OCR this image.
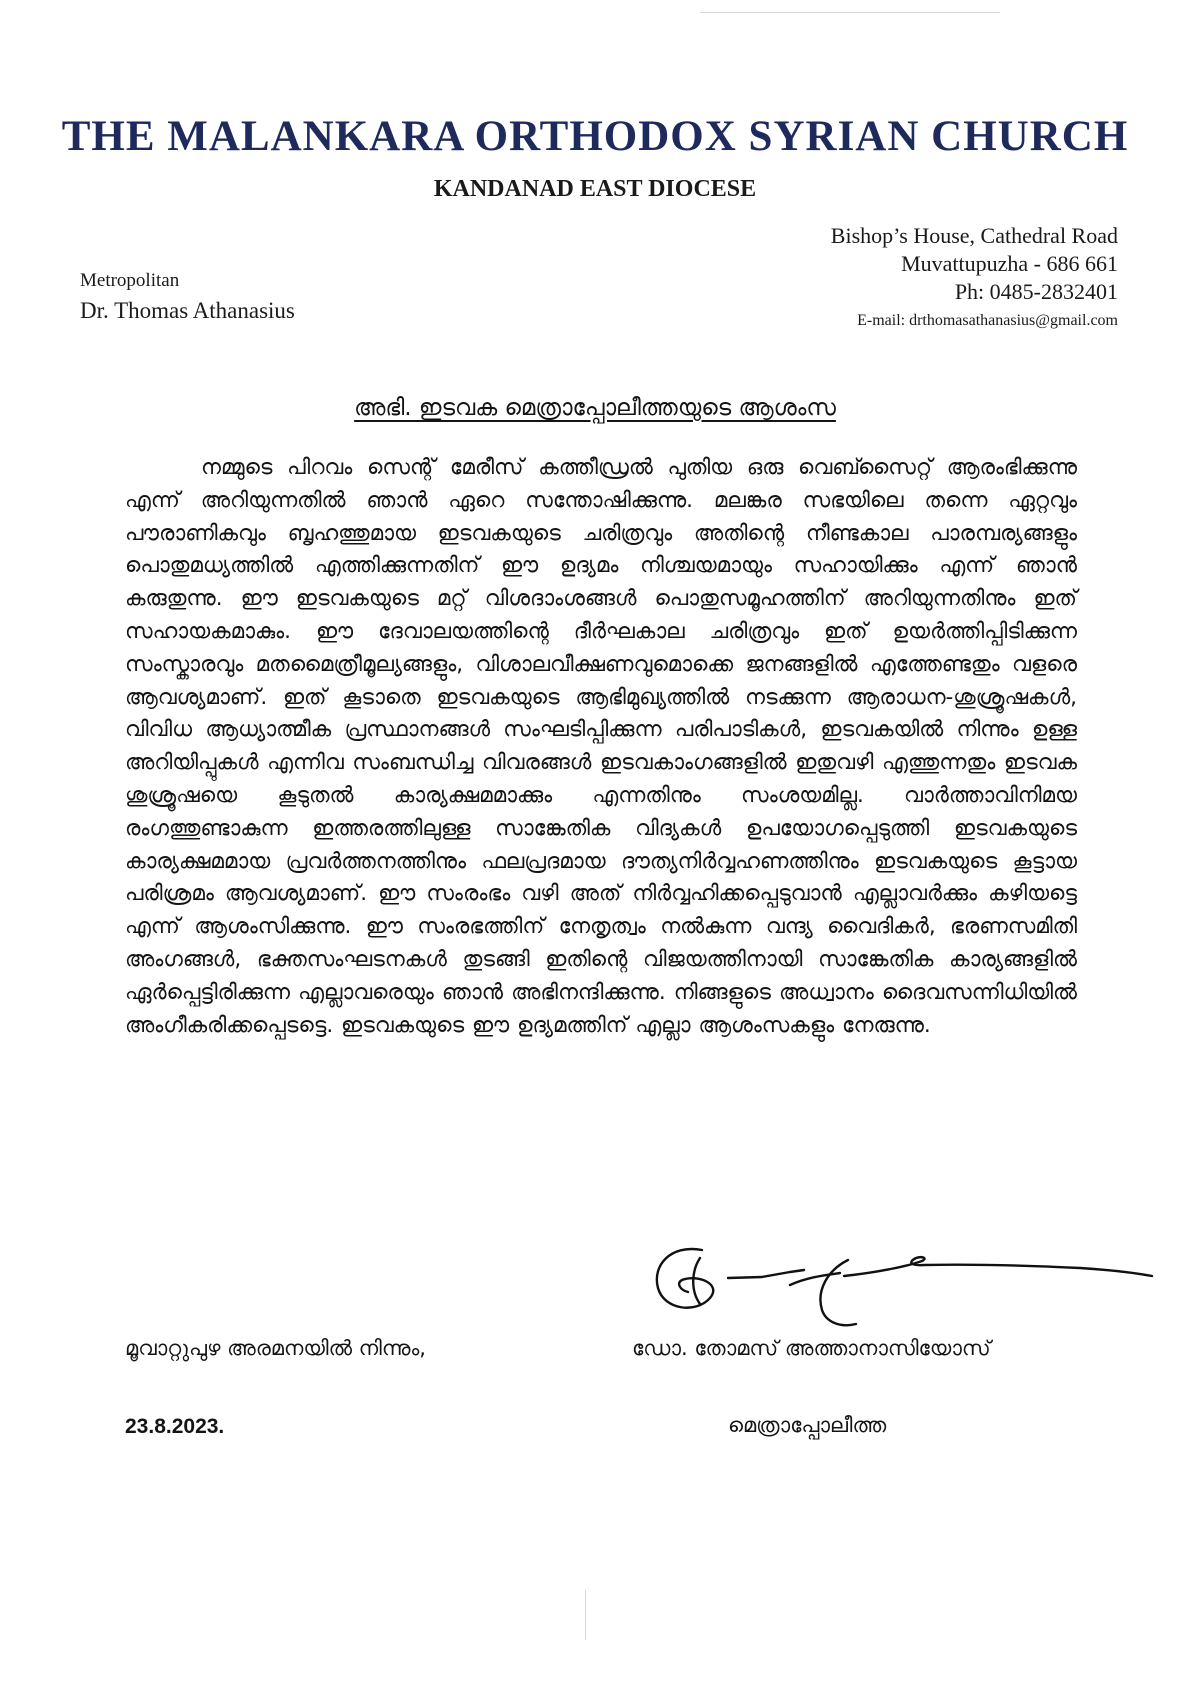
THE MALANKARA ORTHODOX SYRIAN CHURCH
KANDANAD EAST DIOCESE
Metropolitan
Dr. Thomas Athanasius
Bishop’s House, Cathedral Road
Muvattupuzha - 686 661
Ph: 0485-2832401
E-mail: drthomasathanasius@gmail.com
അഭി. ഇടവക മെത്രാപ്പോലീത്തയുടെ ആശംസ

നമ്മുടെ പിറവം സെന്റ് മേരീസ് കത്തീഡ്രൽ പുതിയ ഒരു വെബ്സൈറ്റ് ആരംഭിക്കുന്നു എന്ന് അറിയുന്നതിൽ ഞാൻ ഏറെ സന്തോഷിക്കുന്നു. മലങ്കര സഭയിലെ തന്നെ ഏറ്റവും പൗരാണികവും ബൃഹത്തുമായ ഇടവകയുടെ ചരിത്രവും അതിന്റെ നീണ്ടകാല പാരമ്പര്യങ്ങളും പൊതുമധ്യത്തിൽ എത്തിക്കുന്നതിന് ഈ ഉദ്യമം നിശ്ചയമായും സഹായിക്കും എന്ന് ഞാൻ കരുതുന്നു. ഈ ഇടവകയുടെ മറ്റ് വിശദാംശങ്ങൾ പൊതുസമൂഹത്തിന് അറിയുന്നതിനും ഇത് സഹായകമാകും. ഈ ദേവാലയത്തിന്റെ ദീർഘകാല ചരിത്രവും ഇത് ഉയർത്തിപ്പിടിക്കുന്ന സംസ്കാരവും മതമൈത്രീമൂല്യങ്ങളും, വിശാലവീക്ഷണവുമൊക്കെ ജനങ്ങളിൽ എത്തേണ്ടതും വളരെ ആവശ്യമാണ്. ഇത് കൂടാതെ ഇടവകയുടെ ആഭിമുഖ്യത്തിൽ നടക്കുന്ന ആരാധന-ശുശ്രൂഷകൾ, വിവിധ ആധ്യാത്മീക പ്രസ്ഥാനങ്ങൾ സംഘടിപ്പിക്കുന്ന പരിപാടികൾ, ഇടവകയിൽ നിന്നും ഉള്ള അറിയിപ്പുകൾ എന്നിവ സംബന്ധിച്ച വിവരങ്ങൾ ഇടവകാംഗങ്ങളിൽ ഇതുവഴി എത്തുന്നതും ഇടവക ശുശ്രൂഷയെ കൂടുതൽ കാര്യക്ഷമമാക്കും എന്നതിനും സംശയമില്ല. വാർത്താവിനിമയ രംഗത്തുണ്ടാകുന്ന ഇത്തരത്തിലുള്ള സാങ്കേതിക വിദ്യകൾ ഉപയോഗപ്പെടുത്തി ഇടവകയുടെ കാര്യക്ഷമമായ പ്രവർത്തനത്തിനും ഫലപ്രദമായ ദൗത്യനിർവ്വഹണത്തിനും ഇടവകയുടെ കൂട്ടായ പരിശ്രമം ആവശ്യമാണ്. ഈ സംരംഭം വഴി അത് നിർവ്വഹിക്കപ്പെടുവാൻ എല്ലാവർക്കും കഴിയട്ടെ എന്ന് ആശംസിക്കുന്നു. ഈ സംരഭത്തിന് നേതൃത്വം നൽകുന്ന വന്ദ്യ വൈദികർ, ഭരണസമിതി അംഗങ്ങൾ, ഭക്തസംഘടനകൾ തുടങ്ങി ഇതിന്റെ വിജയത്തിനായി സാങ്കേതിക കാര്യങ്ങളിൽ ഏർപ്പെട്ടിരിക്കുന്ന എല്ലാവരെയും ഞാൻ അഭിനന്ദിക്കുന്നു. നിങ്ങളുടെ അധ്വാനം ദൈവസന്നിധിയിൽ അംഗീകരിക്കപ്പെടട്ടെ. ഇടവകയുടെ ഈ ഉദ്യമത്തിന് എല്ലാ ആശംസകളും നേരുന്നു.

മൂവാറ്റുപുഴ അരമനയിൽ നിന്നും,	ഡോ. തോമസ് അത്താനാസിയോസ്
23.8.2023.	മെത്രാപ്പോലീത്ത
